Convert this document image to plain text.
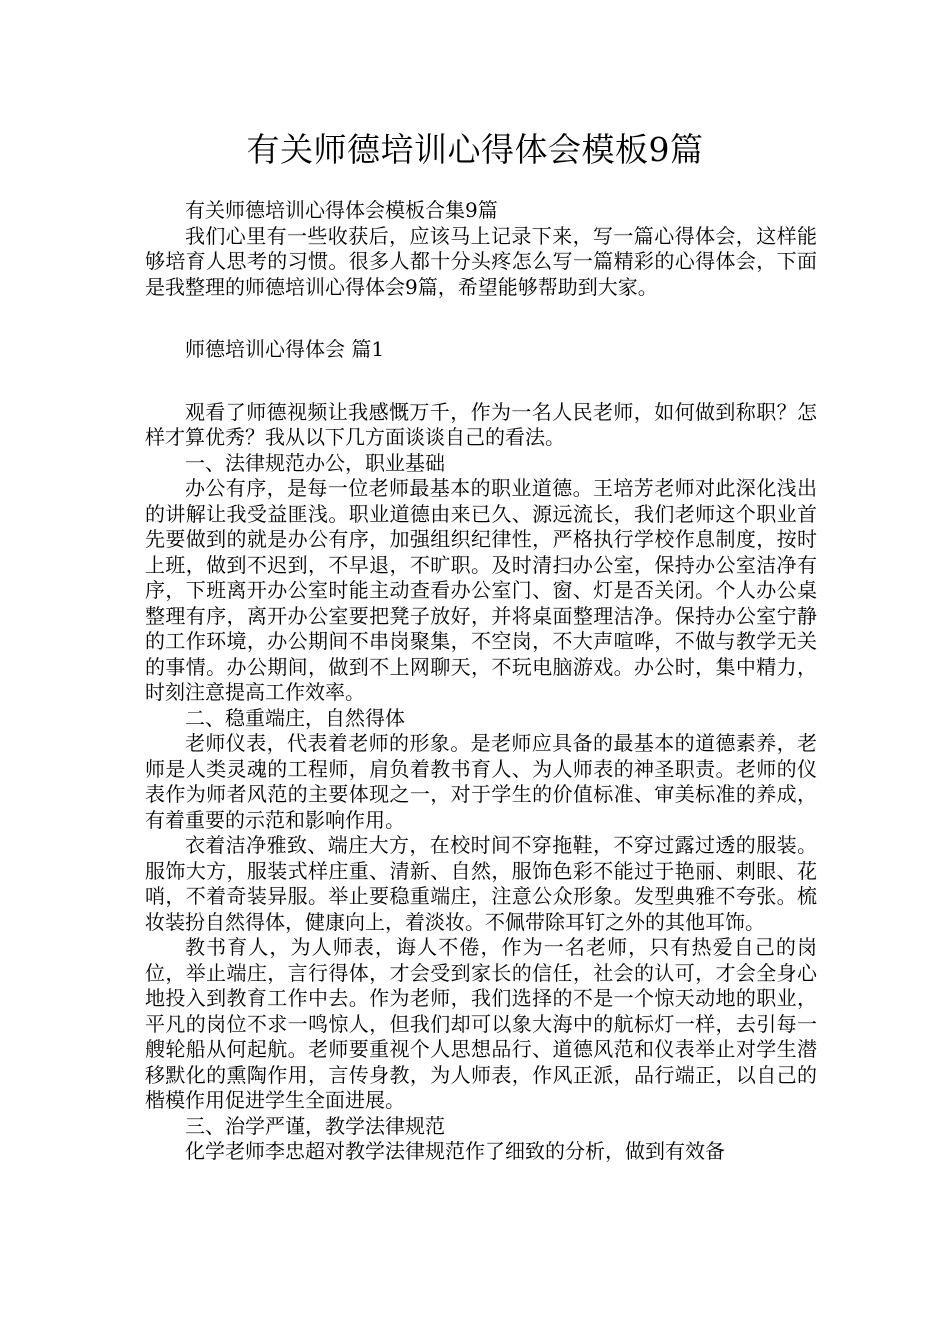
有关师德培训心得体会模板9篇

有关师德培训心得体会模板合集9篇

我们心里有一些收获后，应该马上记录下来，写一篇心得体会，这样能够培育人思考的习惯。很多人都十分头疼怎么写一篇精彩的心得体会，下面是我整理的师德培训心得体会9篇，希望能够帮助到大家。

师德培训心得体会 篇1

观看了师德视频让我感慨万千，作为一名人民老师，如何做到称职？怎样才算优秀？我从以下几方面谈谈自己的看法。

一、法律规范办公，职业基础

办公有序，是每一位老师最基本的职业道德。王培芳老师对此深化浅出的讲解让我受益匪浅。职业道德由来已久、源远流长，我们老师这个职业首先要做到的就是办公有序，加强组织纪律性，严格执行学校作息制度，按时上班，做到不迟到，不早退，不旷职。及时清扫办公室，保持办公室洁净有序，下班离开办公室时能主动查看办公室门、窗、灯是否关闭。个人办公桌整理有序，离开办公室要把凳子放好，并将桌面整理洁净。保持办公室宁静的工作环境，办公期间不串岗聚集，不空岗，不大声喧哗，不做与教学无关的事情。办公期间，做到不上网聊天，不玩电脑游戏。办公时，集中精力，时刻注意提高工作效率。

二、稳重端庄，自然得体

老师仪表，代表着老师的形象。是老师应具备的最基本的道德素养，老师是人类灵魂的工程师，肩负着教书育人、为人师表的神圣职责。老师的仪表作为师者风范的主要体现之一，对于学生的价值标准、审美标准的养成，有着重要的示范和影响作用。

衣着洁净雅致、端庄大方，在校时间不穿拖鞋，不穿过露过透的服装。服饰大方，服装式样庄重、清新、自然，服饰色彩不能过于艳丽、刺眼、花哨，不着奇装异服。举止要稳重端庄，注意公众形象。发型典雅不夸张。梳妆装扮自然得体，健康向上，着淡妆。不佩带除耳钉之外的其他耳饰。

教书育人，为人师表，诲人不倦，作为一名老师，只有热爱自己的岗位，举止端庄，言行得体，才会受到家长的信任，社会的认可，才会全身心地投入到教育工作中去。作为老师，我们选择的不是一个惊天动地的职业，平凡的岗位不求一鸣惊人，但我们却可以象大海中的航标灯一样，去引每一艘轮船从何起航。老师要重视个人思想品行、道德风范和仪表举止对学生潜移默化的熏陶作用，言传身教，为人师表，作风正派，品行端正，以自己的楷模作用促进学生全面进展。

三、治学严谨，教学法律规范

化学老师李忠超对教学法律规范作了细致的分析，做到有效备
